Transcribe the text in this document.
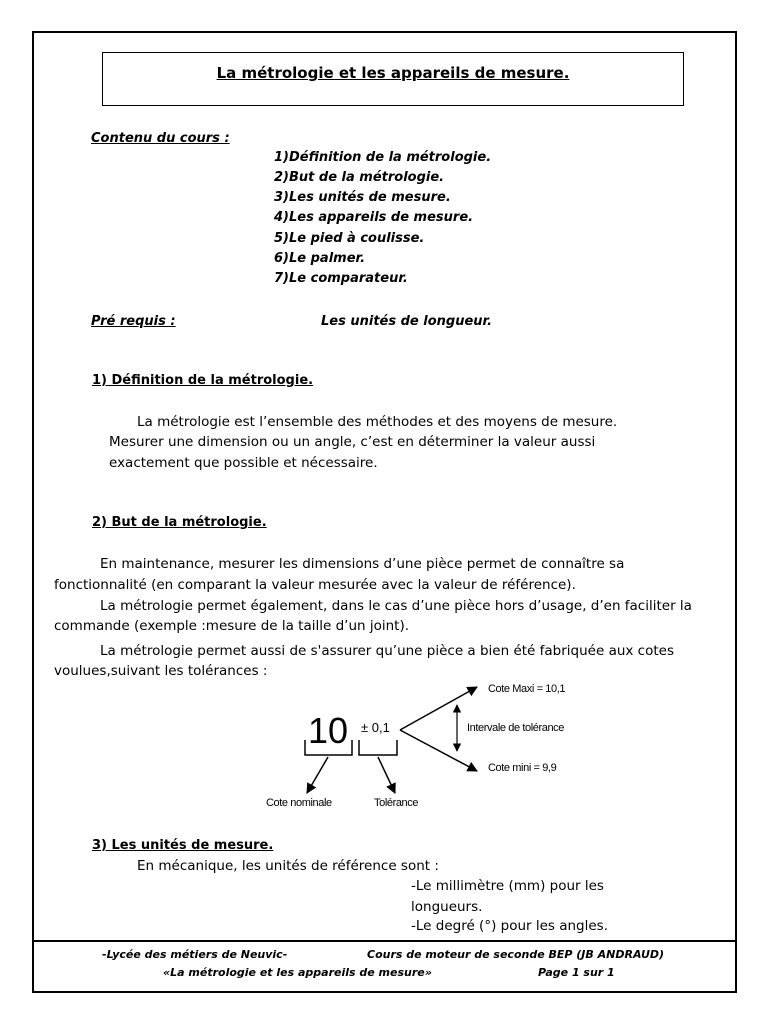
La métrologie et les appareils de mesure.
Contenu du cours :
1)Définition de la métrologie.
2)But de la métrologie.
3)Les unités de mesure.
4)Les appareils de mesure.
5)Le pied à coulisse.
6)Le palmer.
7)Le comparateur.
Pré requis :	Les unités de longueur.
1) Définition de la métrologie.
La métrologie est l’ensemble des méthodes et des moyens de mesure.
Mesurer une dimension ou un angle, c’est en déterminer la valeur aussi
exactement que possible et nécessaire.
2) But de la métrologie.
En maintenance, mesurer les dimensions d’une pièce permet de connaître sa
fonctionnalité (en comparant la valeur mesurée avec la valeur de référence).
La métrologie permet également, dans le cas d’une pièce hors d’usage, d’en faciliter la
commande (exemple :mesure de la taille d’un joint).
La métrologie permet aussi de s'assurer qu’une pièce a bien été fabriquée aux cotes
voulues,suivant les tolérances :
10 ± 0,1
Cote Maxi = 10,1
Intervale de tolérance
Cote mini = 9,9
Cote nominale	Tolérance
3) Les unités de mesure.
En mécanique, les unités de référence sont :
-Le millimètre (mm) pour les
longueurs.
-Le degré (°) pour les angles.
-Lycée des métiers de Neuvic-	Cours de moteur de seconde BEP (JB ANDRAUD)
«La métrologie et les appareils de mesure»	Page 1 sur 1
